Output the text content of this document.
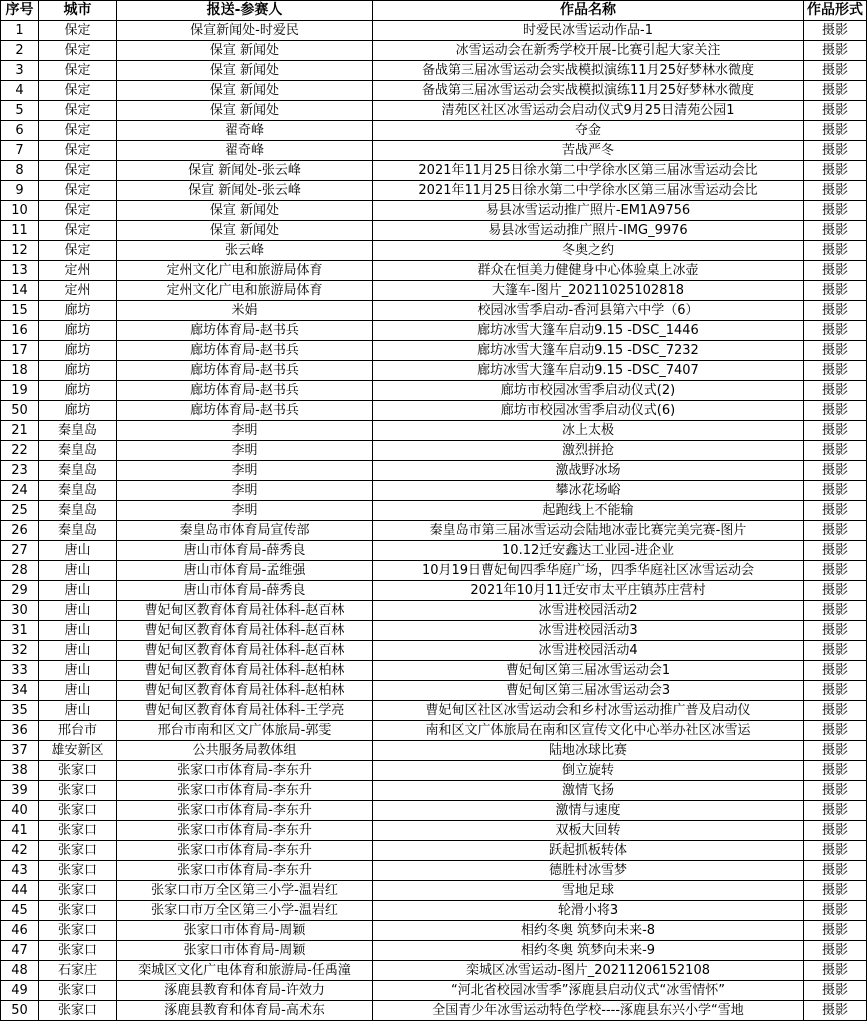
序号	城市	报送-参赛人	作品名称	作品形式
1	保定	保宣新闻处-时爱民	时爱民冰雪运动作品-1	摄影
2	保定	保宣 新闻处	冰雪运动会在新秀学校开展-比赛引起大家关注	摄影
3	保定	保宣 新闻处	备战第三届冰雪运动会实战模拟演练11月25好梦林水微度	摄影
4	保定	保宣 新闻处	备战第三届冰雪运动会实战模拟演练11月25好梦林水微度	摄影
5	保定	保宣 新闻处	清苑区社区冰雪运动会启动仪式9月25日清苑公园1	摄影
6	保定	翟奇峰	夺金	摄影
7	保定	翟奇峰	苦战严冬	摄影
8	保定	保宣 新闻处-张云峰	2021年11月25日徐水第二中学徐水区第三届冰雪运动会比	摄影
9	保定	保宣 新闻处-张云峰	2021年11月25日徐水第二中学徐水区第三届冰雪运动会比	摄影
10	保定	保宣 新闻处	易县冰雪运动推广照片-EM1A9756	摄影
11	保定	保宣 新闻处	易县冰雪运动推广照片-IMG_9976	摄影
12	保定	张云峰	冬奥之约	摄影
13	定州	定州文化广电和旅游局体育	群众在恒美力健健身中心体验桌上冰壶	摄影
14	定州	定州文化广电和旅游局体育	大篷车-图片_20211025102818	摄影
15	廊坊	米娟	校园冰雪季启动-香河县第六中学（6）	摄影
16	廊坊	廊坊体育局-赵书兵	廊坊冰雪大篷车启动9.15 -DSC_1446	摄影
17	廊坊	廊坊体育局-赵书兵	廊坊冰雪大篷车启动9.15 -DSC_7232	摄影
18	廊坊	廊坊体育局-赵书兵	廊坊冰雪大篷车启动9.15 -DSC_7407	摄影
19	廊坊	廊坊体育局-赵书兵	廊坊市校园冰雪季启动仪式(2)	摄影
50	廊坊	廊坊体育局-赵书兵	廊坊市校园冰雪季启动仪式(6)	摄影
21	秦皇岛	李明	冰上太极	摄影
22	秦皇岛	李明	激烈拼抢	摄影
23	秦皇岛	李明	激战野冰场	摄影
24	秦皇岛	李明	攀冰花场峪	摄影
25	秦皇岛	李明	起跑线上不能输	摄影
26	秦皇岛	秦皇岛市体育局宣传部	秦皇岛市第三届冰雪运动会陆地冰壶比赛完美完赛-图片	摄影
27	唐山	唐山市体育局-薛秀良	10.12迁安鑫达工业园-进企业	摄影
28	唐山	唐山市体育局-孟维强	10月19日曹妃甸四季华庭广场，四季华庭社区冰雪运动会	摄影
29	唐山	唐山市体育局-薛秀良	2021年10月11迁安市太平庄镇苏庄营村	摄影
30	唐山	曹妃甸区教育体育局社体科-赵百林	冰雪进校园活动2	摄影
31	唐山	曹妃甸区教育体育局社体科-赵百林	冰雪进校园活动3	摄影
32	唐山	曹妃甸区教育体育局社体科-赵百林	冰雪进校园活动4	摄影
33	唐山	曹妃甸区教育体育局社体科-赵柏林	曹妃甸区第三届冰雪运动会1	摄影
34	唐山	曹妃甸区教育体育局社体科-赵柏林	曹妃甸区第三届冰雪运动会3	摄影
35	唐山	曹妃甸区教育体育局社体科-王学亮	曹妃甸区社区冰雪运动会和乡村冰雪运动推广普及启动仪	摄影
36	邢台市	邢台市南和区文广体旅局-郭雯	南和区文广体旅局在南和区宣传文化中心举办社区冰雪运	摄影
37	雄安新区	公共服务局教体组	陆地冰球比赛	摄影
38	张家口	张家口市体育局-李东升	倒立旋转	摄影
39	张家口	张家口市体育局-李东升	激情飞扬	摄影
40	张家口	张家口市体育局-李东升	激情与速度	摄影
41	张家口	张家口市体育局-李东升	双板大回转	摄影
42	张家口	张家口市体育局-李东升	跃起抓板转体	摄影
43	张家口	张家口市体育局-李东升	德胜村冰雪梦	摄影
44	张家口	张家口市万全区第三小学-温岩红	雪地足球	摄影
45	张家口	张家口市万全区第三小学-温岩红	轮滑小将3	摄影
46	张家口	张家口市体育局-周颖	相约冬奥 筑梦向未来-8	摄影
47	张家口	张家口市体育局-周颖	相约冬奥 筑梦向未来-9	摄影
48	石家庄	栾城区文化广电体育和旅游局-任禹潼	栾城区冰雪运动-图片_20211206152108	摄影
49	张家口	涿鹿县教育和体育局-许效力	“河北省校园冰雪季”涿鹿县启动仪式“冰雪情怀”	摄影
50	张家口	涿鹿县教育和体育局-高术东	全国青少年冰雪运动特色学校----涿鹿县东兴小学“雪地	摄影
